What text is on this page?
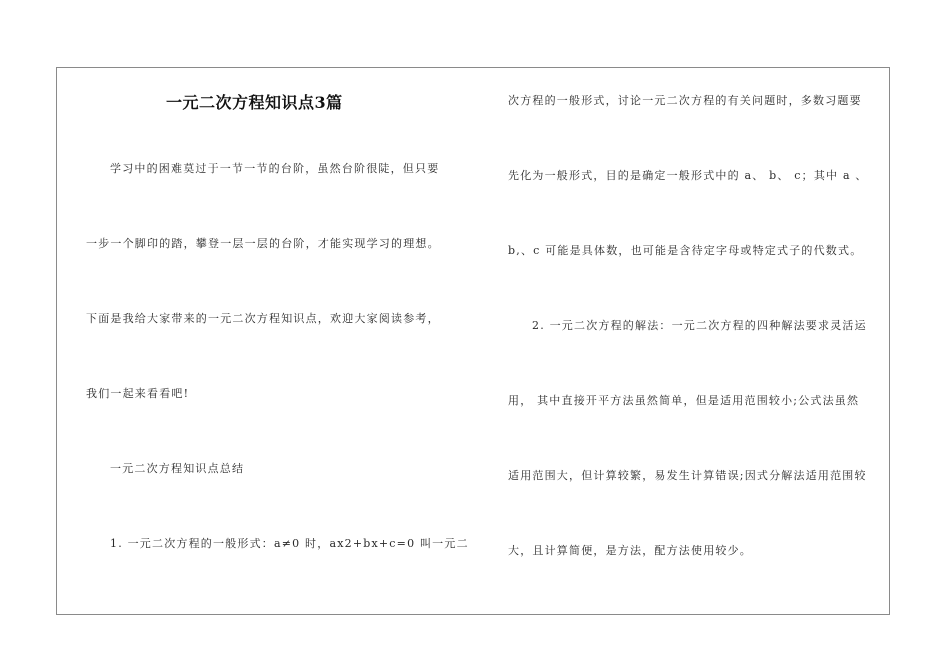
一元二次方程知识点3篇
学习中的困难莫过于一节一节的台阶，虽然台阶很陡，但只要
一步一个脚印的踏，攀登一层一层的台阶，才能实现学习的理想。
下面是我给大家带来的一元二次方程知识点，欢迎大家阅读参考，
我们一起来看看吧!
一元二次方程知识点总结
1. 一元二次方程的一般形式：a≠0 时，ax2+bx+c=0 叫一元二
次方程的一般形式，讨论一元二次方程的有关问题时，多数习题要
先化为一般形式，目的是确定一般形式中的 a、 b、 c；其中 a 、
b,、c 可能是具体数，也可能是含待定字母或特定式子的代数式。
2. 一元二次方程的解法：一元二次方程的四种解法要求灵活运
用， 其中直接开平方法虽然简单，但是适用范围较小;公式法虽然
适用范围大，但计算较繁，易发生计算错误;因式分解法适用范围较
大，且计算简便，是方法，配方法使用较少。
